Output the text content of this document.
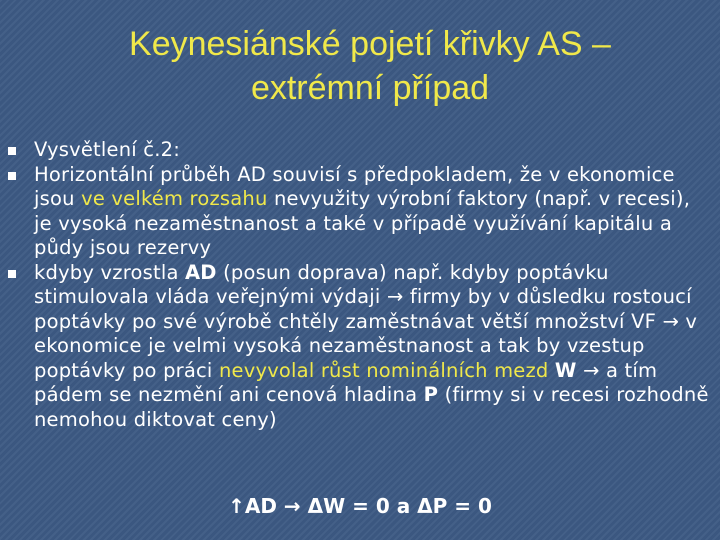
Keynesiánské pojetí křivky AS –
extrémní případ
Vysvětlení č.2:
Horizontální průběh AD souvisí s předpokladem, že v ekonomice jsou ve velkém rozsahu nevyužity výrobní faktory (např. v recesi), je vysoká nezaměstnanost a také v případě využívání kapitálu a půdy jsou rezervy
kdyby vzrostla AD (posun doprava) např. kdyby poptávku stimulovala vláda veřejnými výdaji → firmy by v důsledku rostoucí poptávky po své výrobě chtěly zaměstnávat větší množství VF → v ekonomice je velmi vysoká nezaměstnanost a tak by vzestup poptávky po práci nevyvolal růst nominálních mezd W → a tím pádem se nezmění ani cenová hladina P (firmy si v recesi rozhodně nemohou diktovat ceny)
↑AD → ΔW = 0 a ΔP = 0
